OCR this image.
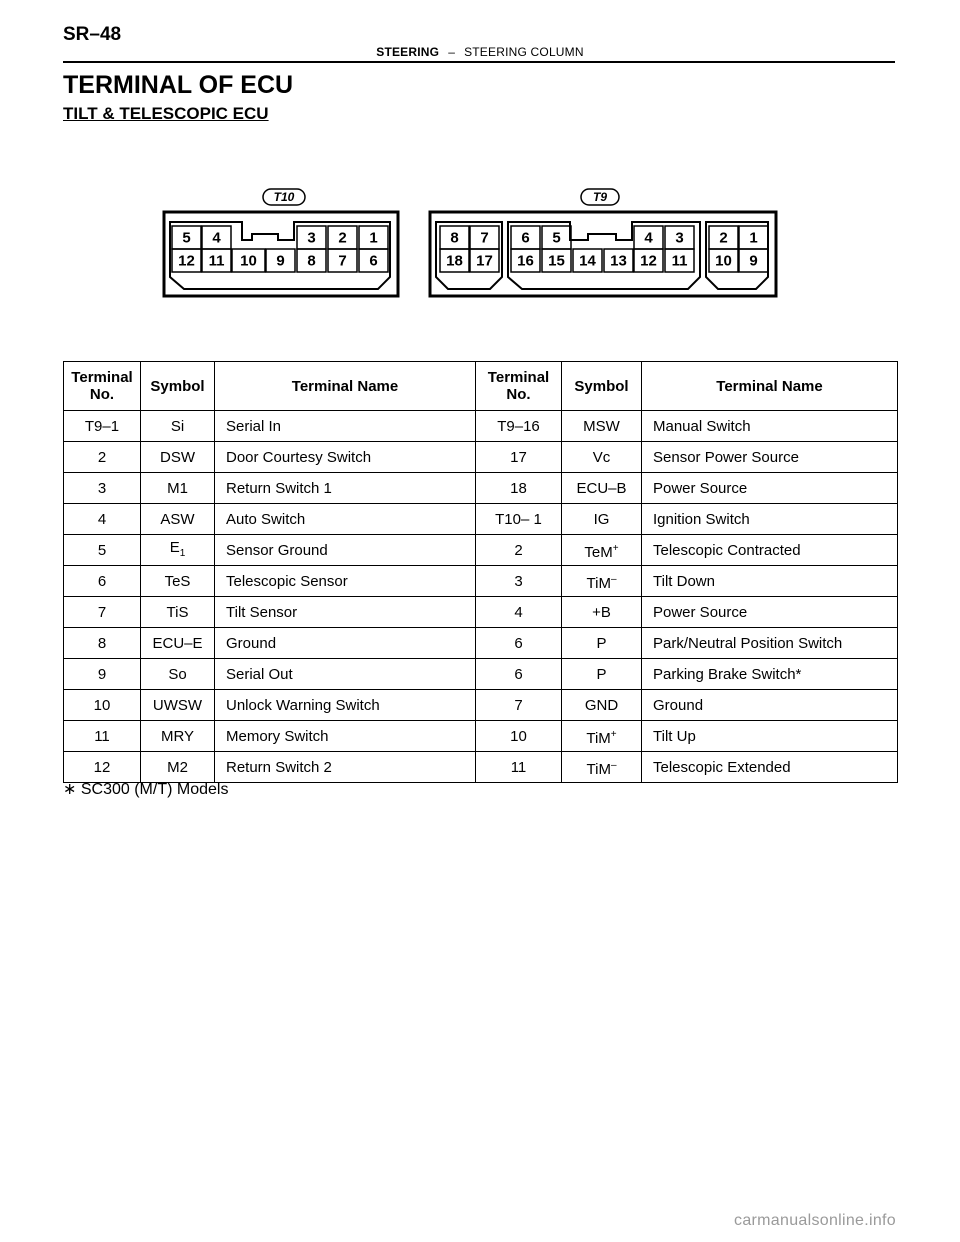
SR–48
STEERING – STEERING COLUMN
TERMINAL OF ECU
TILT & TELESCOPIC ECU
T10	T9
5 4	3 2 1
12 11 10 9 8 7 6
8 7 6 5	4 3 2 1
18 17 16 15 14 13 12 11 10 9
Terminal
No.	Symbol	Terminal Name	Terminal
No.	Symbol	Terminal Name
T9–1	Si	Serial In	T9–16	MSW	Manual Switch
2	DSW	Door Courtesy Switch	17	Vc	Sensor Power Source
3	M1	Return Switch 1	18	ECU–B	Power Source
4	ASW	Auto Switch	T10– 1	IG	Ignition Switch
5	$E_1$	Sensor Ground	2	TeM+	Telescopic Contracted
6	TeS	Telescopic Sensor	3	TiM–	Tilt Down
7	TiS	Tilt Sensor	4	+B	Power Source
8	ECU–E	Ground	6	P	Park/Neutral Position Switch
9	So	Serial Out	6	P	Parking Brake Switch*
10	UWSW	Unlock Warning Switch	7	GND	Ground
11	MRY	Memory Switch	10	TiM+	Tilt Up
12	M2	Return Switch 2	11	TiM–	Telescopic Extended
∗ SC300 (M/T) Models
carmanualsonline.info
